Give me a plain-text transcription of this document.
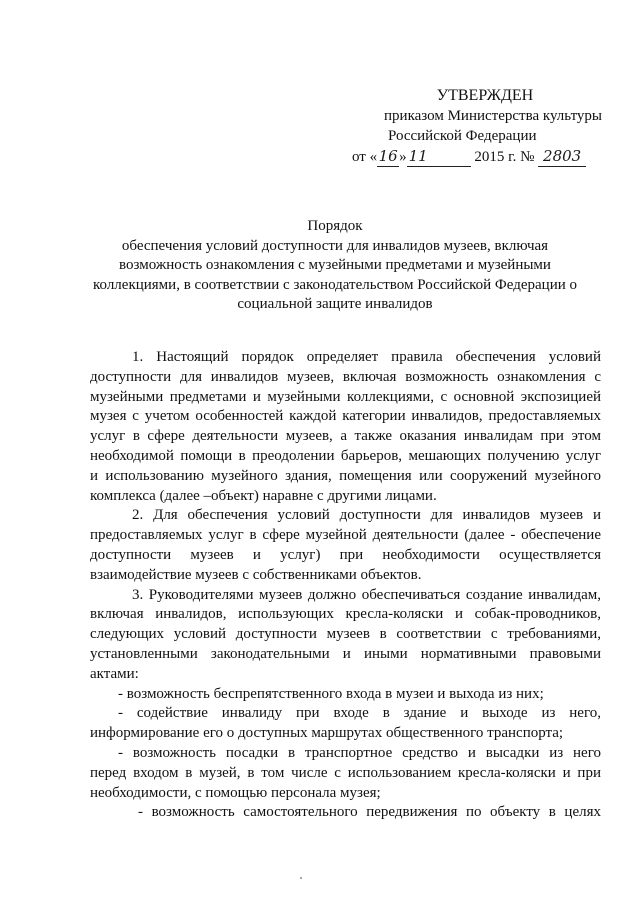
УТВЕРЖДЕН
приказом Министерства культуры
Российской Федерации
от «16» 11	2015 г. № 2803
Порядок
обеспечения условий доступности для инвалидов музеев, включая
возможность ознакомления с музейными предметами и музейными
коллекциями, в соответствии с законодательством Российской Федерации о
социальной защите инвалидов
1. Настоящий порядок определяет правила обеспечения условий
доступности для инвалидов музеев, включая возможность ознакомления с
музейными предметами и музейными коллекциями, с основной экспозицией
музея с учетом особенностей каждой категории инвалидов, предоставляемых
услуг в сфере деятельности музеев, а также оказания инвалидам при этом
необходимой помощи в преодолении барьеров, мешающих получению услуг
и использованию музейного здания, помещения или сооружений музейного
комплекса (далее –объект) наравне с другими лицами.
2. Для обеспечения условий доступности для инвалидов музеев и
предоставляемых услуг в сфере музейной деятельности (далее - обеспечение
доступности музеев и услуг) при необходимости осуществляется
взаимодействие музеев с собственниками объектов.
3. Руководителями музеев должно обеспечиваться создание инвалидам,
включая инвалидов, использующих кресла-коляски и собак-проводников,
следующих условий доступности музеев в соответствии с требованиями,
установленными законодательными и иными нормативными правовыми
актами:
- возможность беспрепятственного входа в музеи и выхода из них;
- содействие инвалиду при входе в здание и выходе из него,
информирование его о доступных маршрутах общественного транспорта;
- возможность посадки в транспортное средство и высадки из него
перед входом в музей, в том числе с использованием кресла-коляски и при
необходимости, с помощью персонала музея;
- возможность самостоятельного передвижения по объекту в целях
